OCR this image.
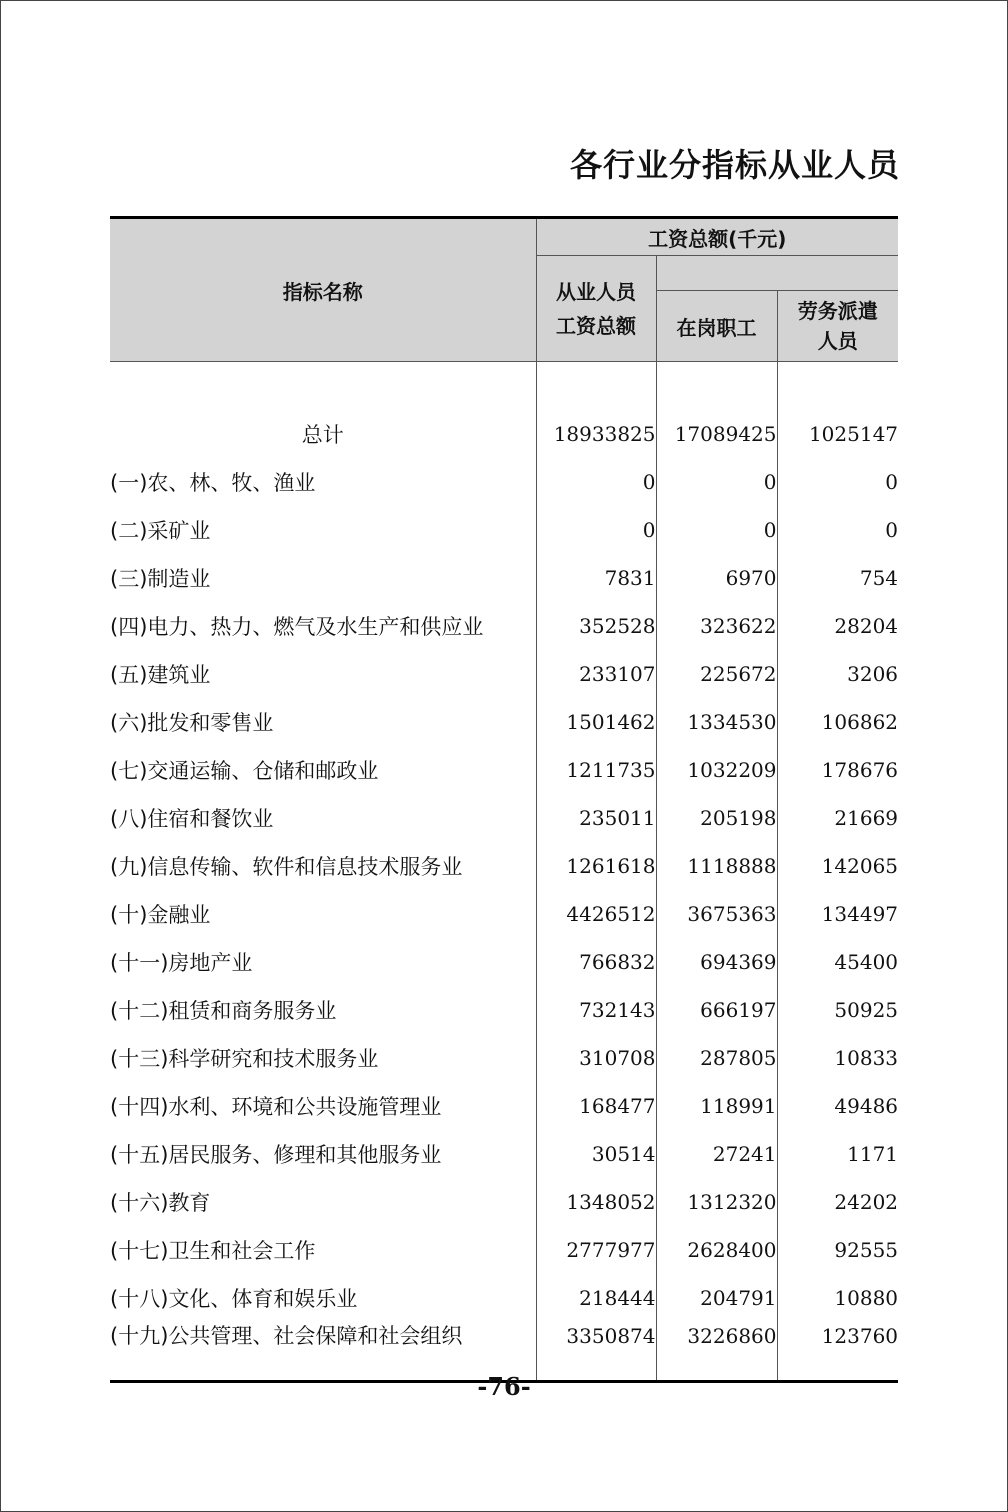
各行业分指标从业人员
指标名称	工资总额(千元)		

	从业人员
工资总额		

		在岗职工	劳务派遣
人员

总计	18933825	17089425	1025147
(一)农、林、牧、渔业	0	0	0
(二)采矿业	0	0	0
(三)制造业	7831	6970	754
(四)电力、热力、燃气及水生产和供应业	352528	323622	28204
(五)建筑业	233107	225672	3206
(六)批发和零售业	1501462	1334530	106862
(七)交通运输、仓储和邮政业	1211735	1032209	178676
(八)住宿和餐饮业	235011	205198	21669
(九)信息传输、软件和信息技术服务业	1261618	1118888	142065
(十)金融业	4426512	3675363	134497
(十一)房地产业	766832	694369	45400
(十二)租赁和商务服务业	732143	666197	50925
(十三)科学研究和技术服务业	310708	287805	10833
(十四)水利、环境和公共设施管理业	168477	118991	49486
(十五)居民服务、修理和其他服务业	30514	27241	1171
(十六)教育	1348052	1312320	24202
(十七)卫生和社会工作	2777977	2628400	92555
(十八)文化、体育和娱乐业	218444	204791	10880
(十九)公共管理、社会保障和社会组织	3350874	3226860	123760
-76-
